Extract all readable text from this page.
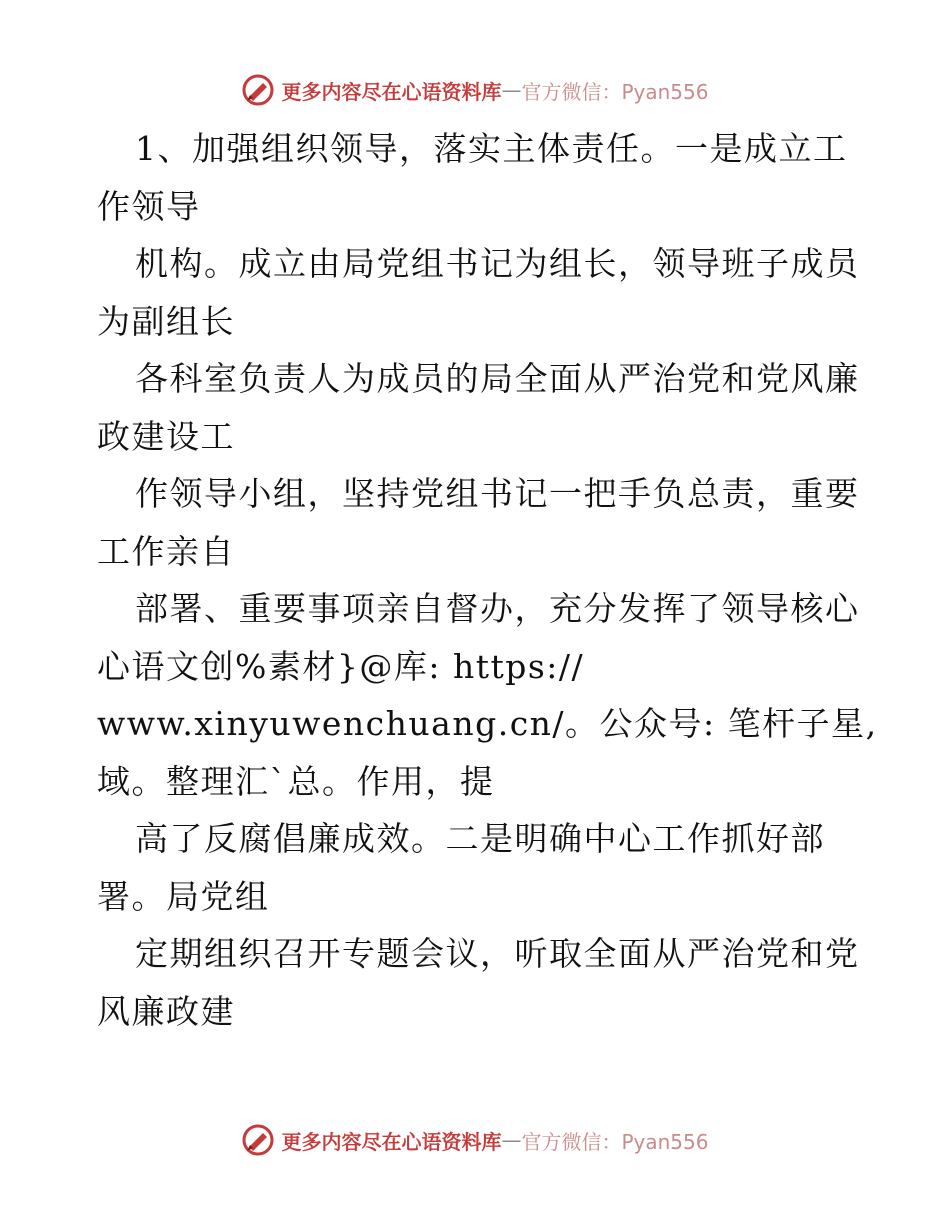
更多内容尽在心语资料库 — 官方微信：Pyan556
1、加强组织领导，落实主体责任。一是成立工
作领导
机构。成立由局党组书记为组长，领导班子成员
为副组长
各科室负责人为成员的局全面从严治党和党风廉
政建设工
作领导小组，坚持党组书记一把手负总责，重要
工作亲自
部署、重要事项亲自督办，充分发挥了领导核心
心语文创%素材}@库: https://
www.xinyuwenchuang.cn/。公众号: 笔杆子星,
域。整理汇`总。作用，提
高了反腐倡廉成效。二是明确中心工作抓好部
署。局党组
定期组织召开专题会议，听取全面从严治党和党
风廉政建
更多内容尽在心语资料库 — 官方微信：Pyan556
